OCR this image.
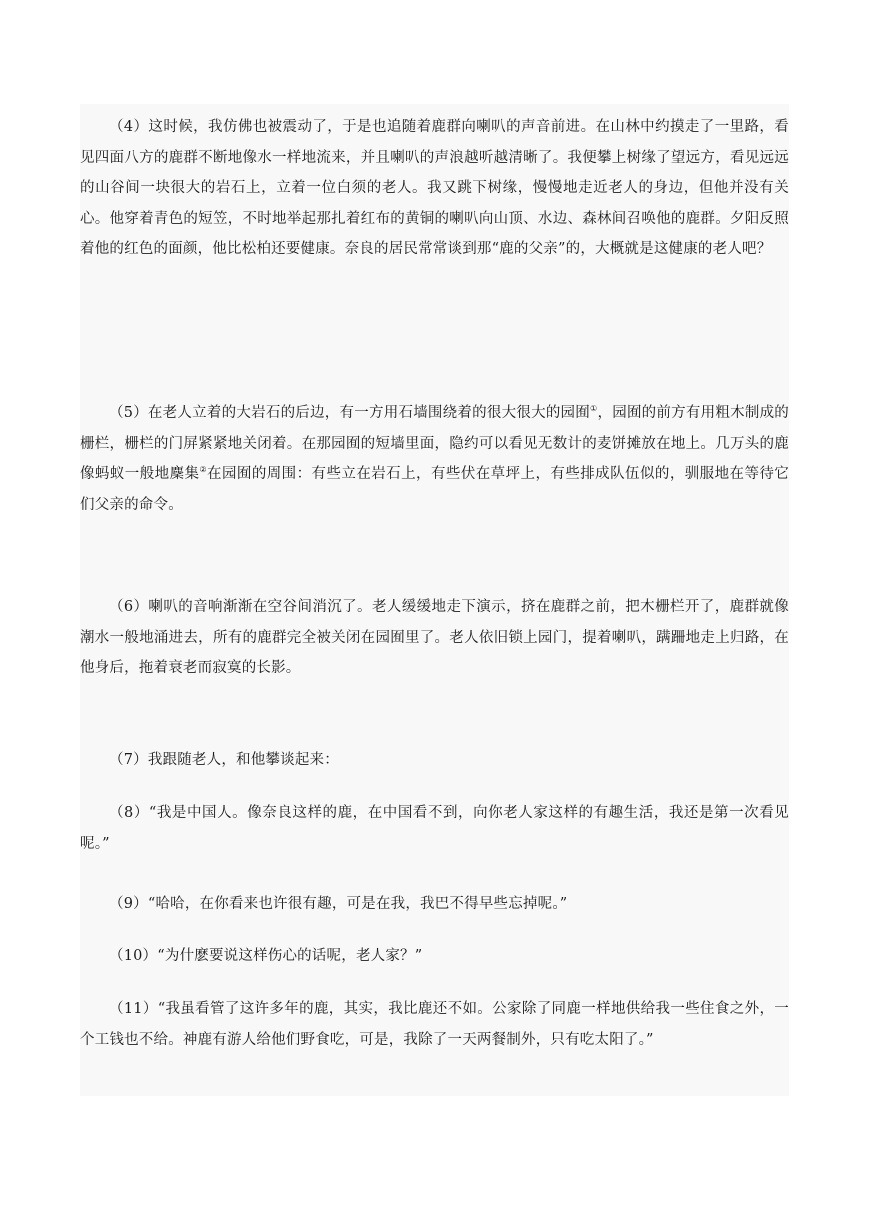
（4）这时候，我仿佛也被震动了，于是也追随着鹿群向喇叭的声音前进。在山林中约摸走了一里路，看见四面八方的鹿群不断地像水一样地流来，并且喇叭的声浪越听越清晰了。我便攀上树缘了望远方，看见远远的山谷间一块很大的岩石上，立着一位白须的老人。我又跳下树缘，慢慢地走近老人的身边，但他并没有关心。他穿着青色的短笠，不时地举起那扎着红布的黄铜的喇叭向山顶、水边、森林间召唤他的鹿群。夕阳反照着他的红色的面颜，他比松柏还要健康。奈良的居民常常谈到那“鹿的父亲”的，大概就是这健康的老人吧？

（5）在老人立着的大岩石的后边，有一方用石墙围绕着的很大很大的园囿①，园囿的前方有用粗木制成的栅栏，栅栏的门屏紧紧地关闭着。在那园囿的短墙里面，隐约可以看见无数计的麦饼摊放在地上。几万头的鹿像蚂蚁一般地麇集②在园囿的周围：有些立在岩石上，有些伏在草坪上，有些排成队伍似的，驯服地在等待它们父亲的命令。

（6）喇叭的音响渐渐在空谷间消沉了。老人缓缓地走下演示，挤在鹿群之前，把木栅栏开了，鹿群就像潮水一般地涌进去，所有的鹿群完全被关闭在园囿里了。老人依旧锁上园门，提着喇叭，蹒跚地走上归路，在他身后，拖着衰老而寂寞的长影。

（7）我跟随老人，和他攀谈起来：

（8）“我是中国人。像奈良这样的鹿，在中国看不到，向你老人家这样的有趣生活，我还是第一次看见呢。”

（9）“哈哈，在你看来也许很有趣，可是在我，我巴不得早些忘掉呢。”

（10）“为什麽要说这样伤心的话呢，老人家？”

（11）“我虽看管了这许多年的鹿，其实，我比鹿还不如。公家除了同鹿一样地供给我一些住食之外，一个工钱也不给。神鹿有游人给他们野食吃，可是，我除了一天两餐制外，只有吃太阳了。”
